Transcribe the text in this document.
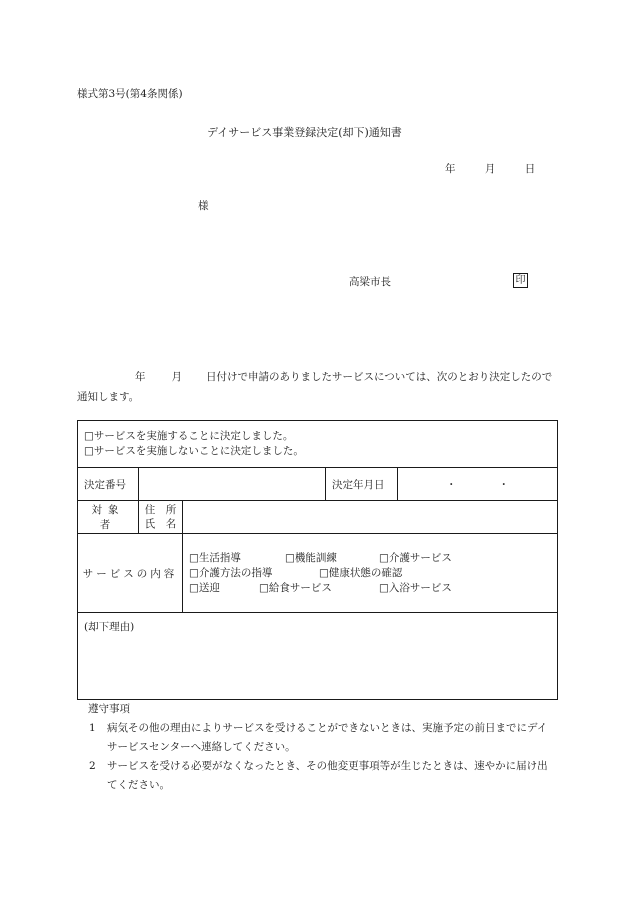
様式第3号(第4条関係)
デイサービス事業登録決定(却下)通知書
年	月	日
様
高梁市長	印
年 月 日付けで申請のありましたサービスについては、次のとおり決定したので通知します。
□サービスを実施することに決定しました。
□サービスを実施しないことに決定しました。				

決定番号			決定年月日	・　　　　・
対象者	住　所
氏　名			

サービスの内容		□生活指導 □機能訓練 □介護サービス
□介護方法の指導 □健康状態の確認
□送迎 □給食サービス □入浴サービス		

(却下理由)				
遵守事項
1	病気その他の理由によりサービスを受けることができないときは、実施予定の前日までにデイサービスセンターへ連絡してください。
2	サービスを受ける必要がなくなったとき、その他変更事項等が生じたときは、速やかに届け出てください。
